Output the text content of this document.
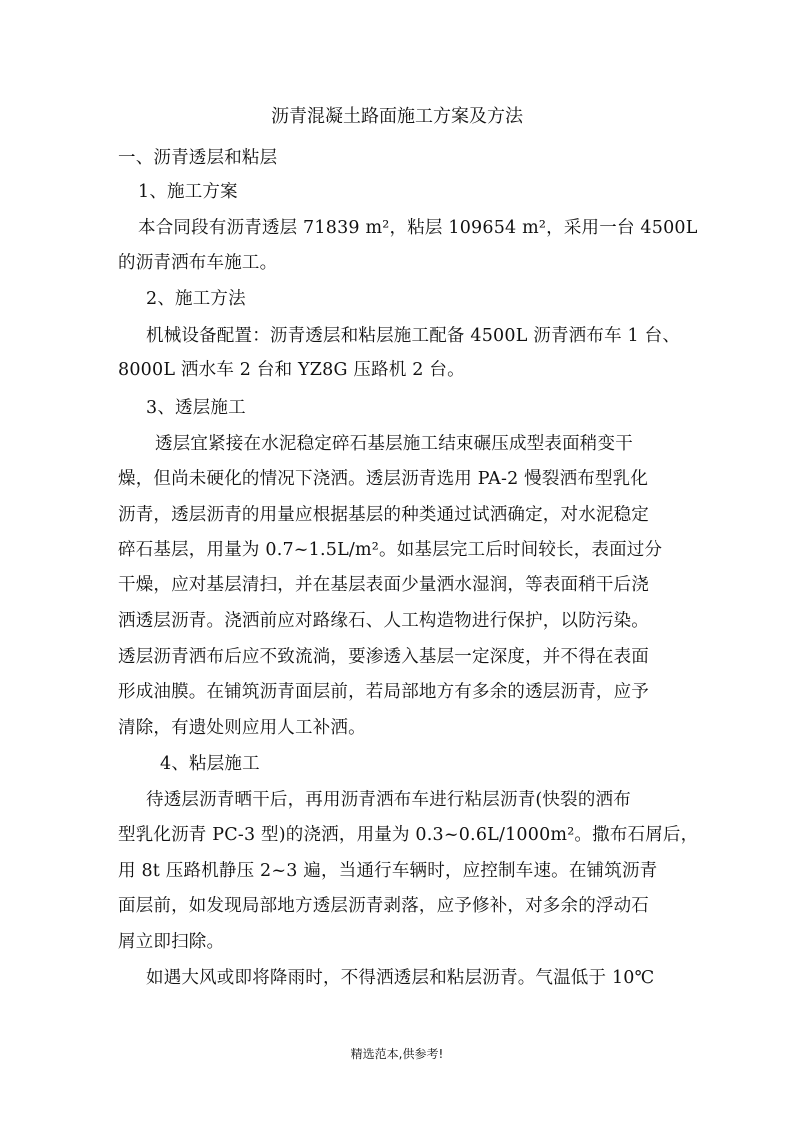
沥青混凝土路面施工方案及方法
一、沥青透层和粘层
1、施工方案
本合同段有沥青透层 71839 m²，粘层 109654 m²，采用一台 4500L
的沥青洒布车施工。
2、施工方法
机械设备配置：沥青透层和粘层施工配备 4500L 沥青洒布车 1 台、
8000L 洒水车 2 台和 YZ8G 压路机 2 台。
3、透层施工
透层宜紧接在水泥稳定碎石基层施工结束碾压成型表面稍变干
燥，但尚未硬化的情况下浇洒。透层沥青选用 PA-2 慢裂洒布型乳化
沥青，透层沥青的用量应根据基层的种类通过试洒确定，对水泥稳定
碎石基层，用量为 0.7~1.5L/m²。如基层完工后时间较长，表面过分
干燥，应对基层清扫，并在基层表面少量洒水湿润，等表面稍干后浇
洒透层沥青。浇洒前应对路缘石、人工构造物进行保护，以防污染。
透层沥青洒布后应不致流淌，要渗透入基层一定深度，并不得在表面
形成油膜。在铺筑沥青面层前，若局部地方有多余的透层沥青，应予
清除，有遗处则应用人工补洒。
4、粘层施工
待透层沥青晒干后，再用沥青洒布车进行粘层沥青(快裂的洒布
型乳化沥青 PC-3 型)的浇洒，用量为 0.3~0.6L/1000m²。撒布石屑后，
用 8t 压路机静压 2~3 遍，当通行车辆时，应控制车速。在铺筑沥青
面层前，如发现局部地方透层沥青剥落，应予修补，对多余的浮动石
屑立即扫除。
如遇大风或即将降雨时，不得洒透层和粘层沥青。气温低于 10℃
精选范本,供参考!
